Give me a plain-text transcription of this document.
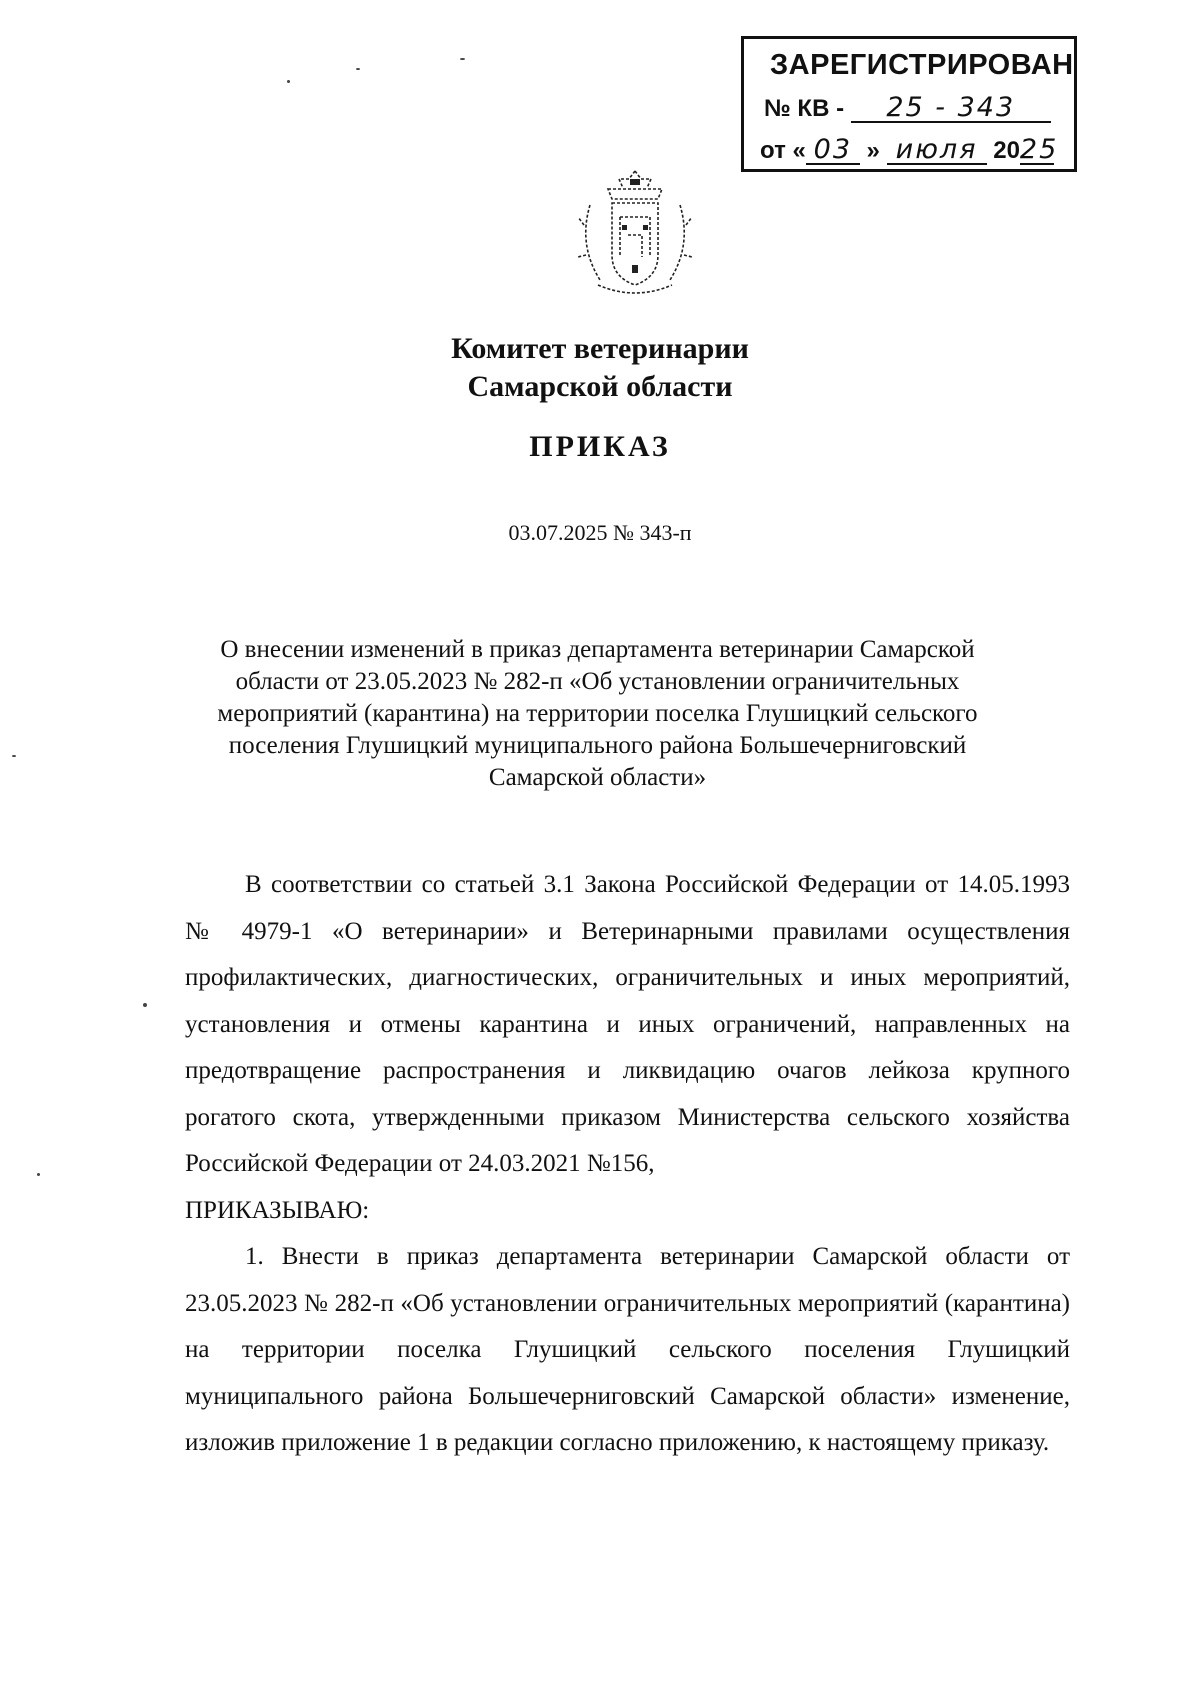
ЗАРЕГИСТРИРОВАН
№ КВ - 25 - 343
от « 03 » июля 2025
Комитет ветеринарии
Самарской области
ПРИКАЗ
03.07.2025 № 343-п
О внесении изменений в приказ департамента ветеринарии Самарской области от 23.05.2023 № 282-п «Об установлении ограничительных мероприятий (карантина) на территории поселка Глушицкий сельского поселения Глушицкий муниципального района Большечерниговский Самарской области»

В соответствии со статьей 3.1 Закона Российской Федерации от 14.05.1993 № 4979-1 «О ветеринарии» и Ветеринарными правилами осуществления профилактических, диагностических, ограничительных и иных мероприятий, установления и отмены карантина и иных ограничений, направленных на предотвращение распространения и ликвидацию очагов лейкоза крупного рогатого скота, утвержденными приказом Министерства сельского хозяйства Российской Федерации от 24.03.2021 №156,

ПРИКАЗЫВАЮ:

1. Внести в приказ департамента ветеринарии Самарской области от 23.05.2023 № 282-п «Об установлении ограничительных мероприятий (карантина) на территории поселка Глушицкий сельского поселения Глушицкий муниципального района Большечерниговский Самарской области» изменение, изложив приложение 1 в редакции согласно приложению, к настоящему приказу.
